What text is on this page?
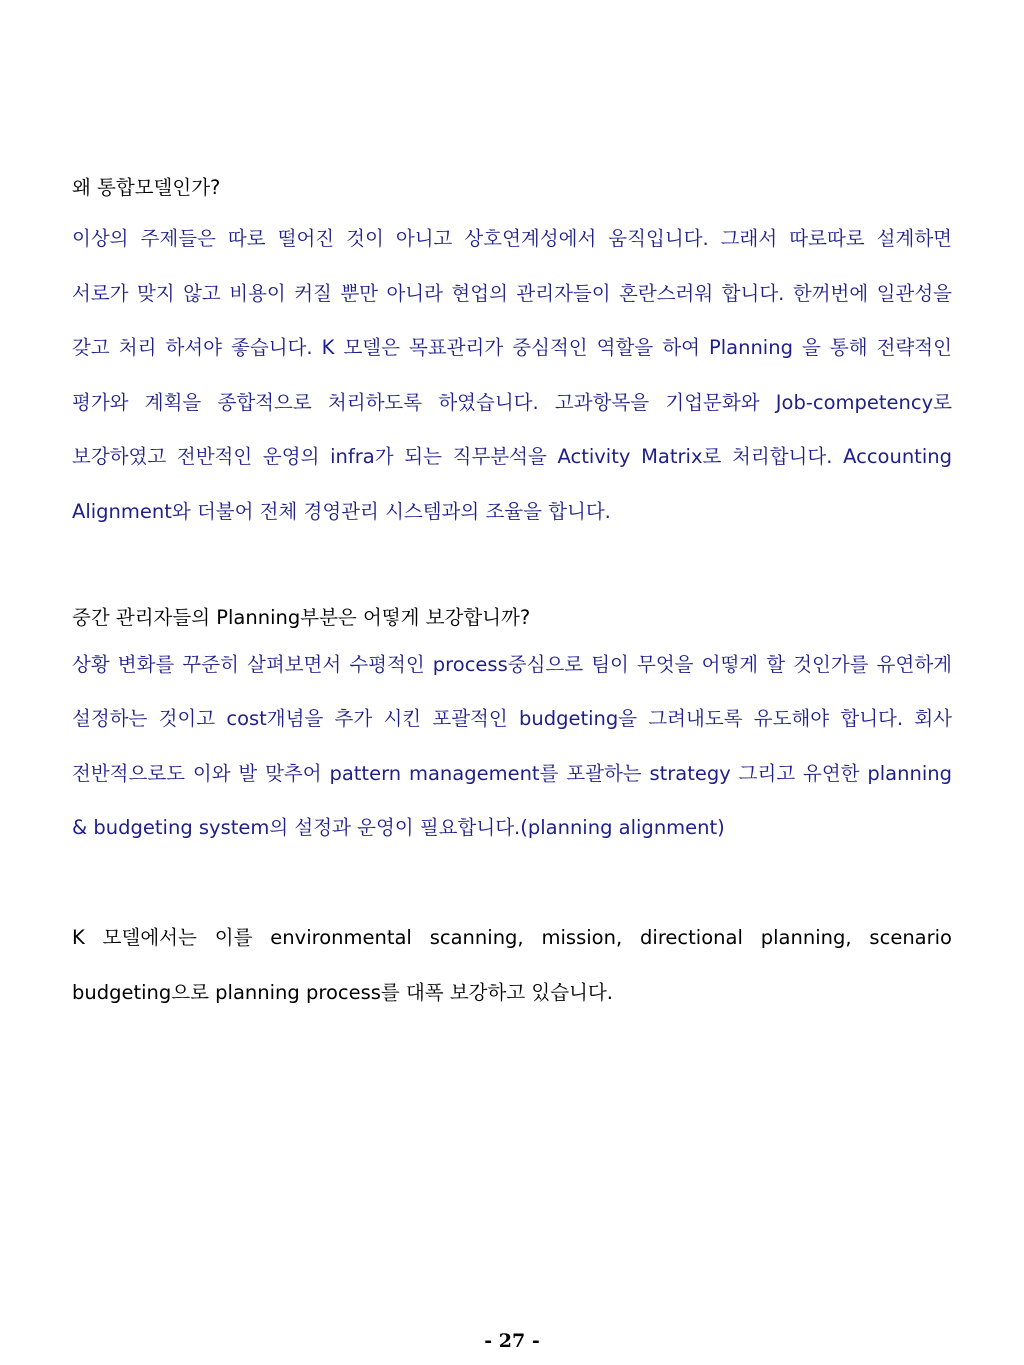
왜 통합모델인가?

이상의 주제들은 따로 떨어진 것이 아니고 상호연계성에서 움직입니다. 그래서 따로따로 설계하면 서로가 맞지 않고 비용이 커질 뿐만 아니라 현업의 관리자들이 혼란스러워 합니다. 한꺼번에 일관성을 갖고 처리 하셔야 좋습니다. K 모델은 목표관리가 중심적인 역할을 하여 Planning 을 통해 전략적인 평가와 계획을 종합적으로 처리하도록 하였습니다. 고과항목을 기업문화와 Job-competency로 보강하였고 전반적인 운영의 infra가 되는 직무분석을 Activity Matrix로 처리합니다. Accounting Alignment와 더불어 전체 경영관리 시스템과의 조율을 합니다.

중간 관리자들의 Planning부분은 어떻게 보강합니까?

상황 변화를 꾸준히 살펴보면서 수평적인 process중심으로 팀이 무엇을 어떻게 할 것인가를 유연하게 설정하는 것이고 cost개념을 추가 시킨 포괄적인 budgeting을 그려내도록 유도해야 합니다. 회사 전반적으로도 이와 발 맞추어 pattern management를 포괄하는 strategy 그리고 유연한 planning & budgeting system의 설정과 운영이 필요합니다.(planning alignment)

K 모델에서는 이를 environmental scanning, mission, directional planning, scenario budgeting으로 planning process를 대폭 보강하고 있습니다.

- 27 -
